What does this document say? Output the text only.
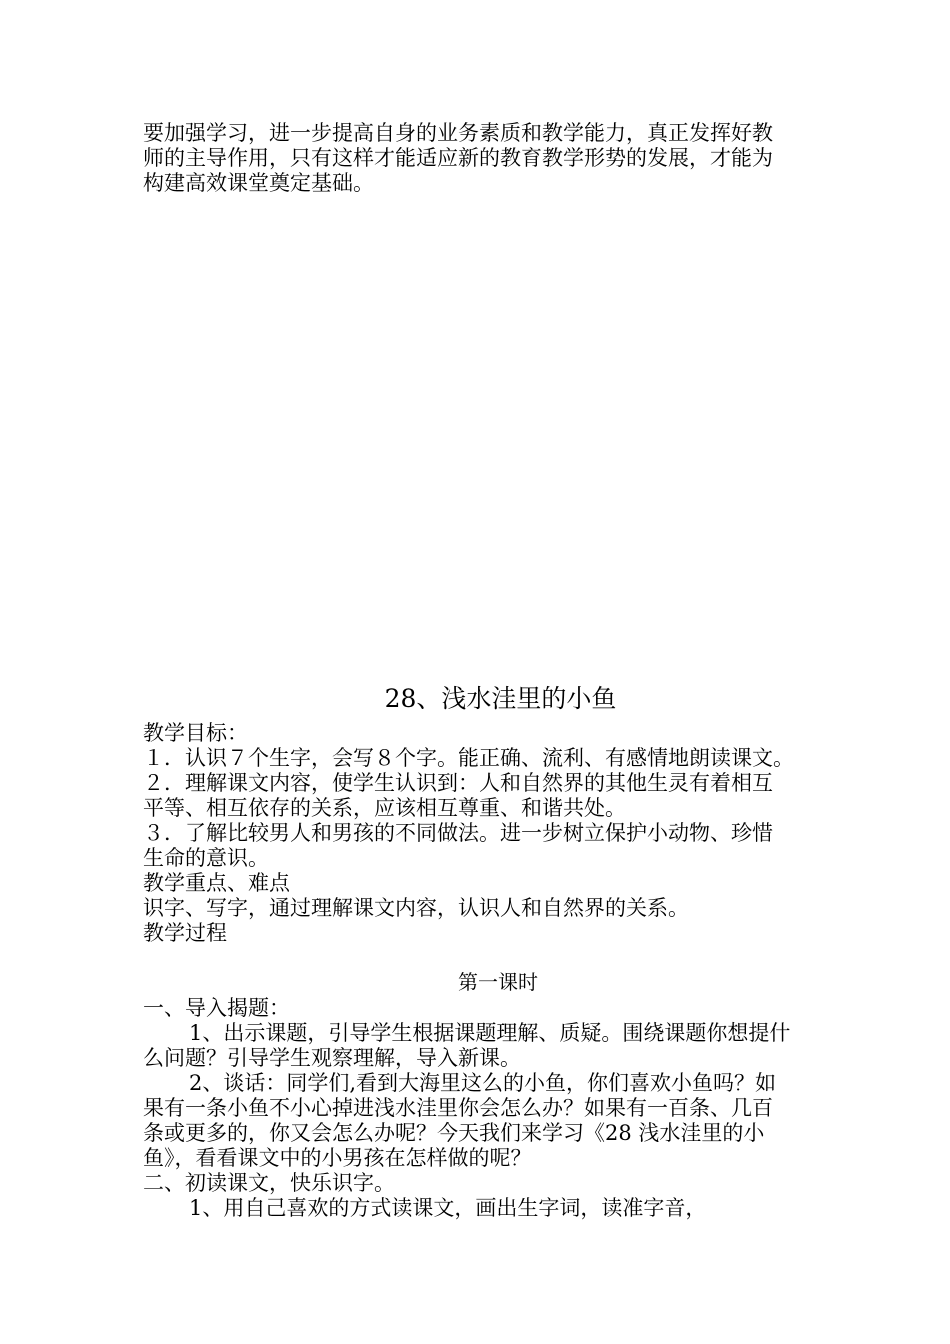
要加强学习，进一步提高自身的业务素质和教学能力，真正发挥好教
师的主导作用，只有这样才能适应新的教育教学形势的发展，才能为
构建高效课堂奠定基础。
28、浅水洼里的小鱼
教学目标：
１．认识７个生字，会写８个字。能正确、流利、有感情地朗读课文。
２．理解课文内容，使学生认识到：人和自然界的其他生灵有着相互
平等、相互依存的关系，应该相互尊重、和谐共处。
３．了解比较男人和男孩的不同做法。进一步树立保护小动物、珍惜
生命的意识。
教学重点、难点
识字、写字，通过理解课文内容，认识人和自然界的关系。
教学过程
第一课时
一、导入揭题：
1、出示课题，引导学生根据课题理解、质疑。围绕课题你想提什
么问题？引导学生观察理解，导入新课。
2、谈话：同学们,看到大海里这么的小鱼，你们喜欢小鱼吗？如
果有一条小鱼不小心掉进浅水洼里你会怎么办？如果有一百条、几百
条或更多的，你又会怎么办呢？今天我们来学习《28 浅水洼里的小
鱼》，看看课文中的小男孩在怎样做的呢？
二、初读课文，快乐识字。
1、用自己喜欢的方式读课文，画出生字词，读准字音，
